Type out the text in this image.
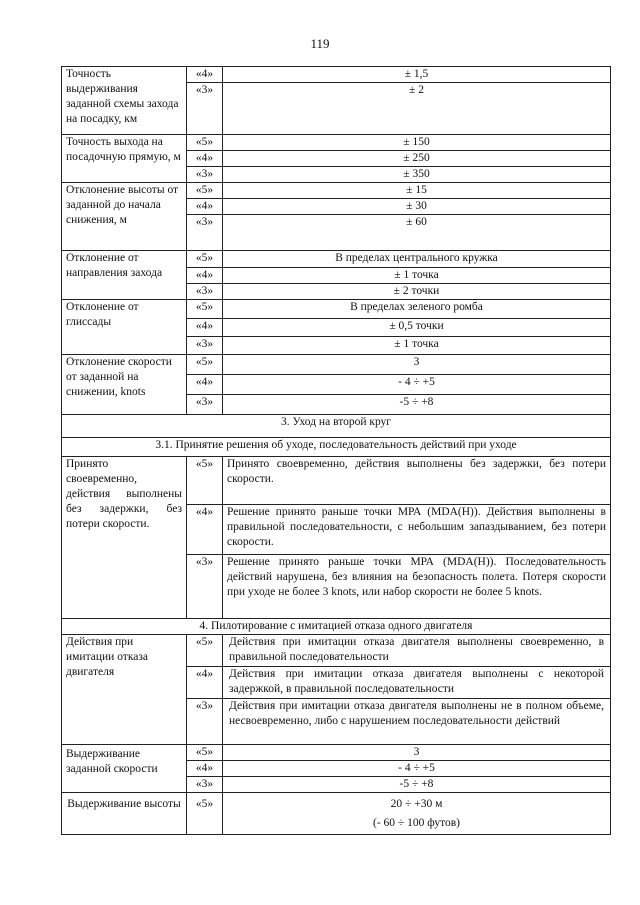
119
Точность выдерживания заданной схемы захода на посадку, км	«4»	± 1,5
	«3»	± 2
Точность выхода на посадочную прямую, м	«5»	± 150
	«4»	± 250
	«3»	± 350
Отклонение высоты от заданной до начала снижения, м	«5»	± 15
	«4»	± 30
	«3»	± 60
Отклонение от направления захода	«5»	В пределах центрального кружка
	«4»	± 1 точка
	«3»	± 2 точки
Отклонение от глиссады	«5»	В пределах зеленого ромба
	«4»	± 0,5 точки
	«3»	± 1 точка
Отклонение скорости от заданной на снижении, knots	«5»	3
	«4»	- 4 ÷ +5
	«3»	-5 ÷ +8
3. Уход на второй круг		
3.1. Принятие решения об уходе, последовательность действий при уходе		
Принято своевременно, действия выполнены без задержки, без потери скорости.	«5»	Принято своевременно, действия выполнены без задержки, без потери скорости.
	«4»	Решение принято раньше точки МРА (MDA(H)). Действия выполнены в правильной последовательности, с небольшим запаздыванием, без потери скорости.
	«3»	Решение принято раньше точки МРА (MDA(H)). Последовательность действий нарушена, без влияния на безопасность полета. Потеря скорости при уходе не более 3 knots, или набор скорости не более 5 knots.
4. Пилотирование с имитацией отказа одного двигателя		
Действия при имитации отказа двигателя	«5»	Действия при имитации отказа двигателя выполнены своевременно, в правильной последовательности
	«4»	Действия при имитации отказа двигателя выполнены с некоторой задержкой, в правильной последовательности
	«3»	Действия при имитации отказа двигателя выполнены не в полном объеме, несвоевременно, либо с нарушением последовательности действий
Выдерживание заданной скорости	«5»	3
	«4»	- 4 ÷ +5
	«3»	-5 ÷ +8
Выдерживание высоты	«5»	20 ÷ +30 м
(- 60 ÷ 100 футов)
